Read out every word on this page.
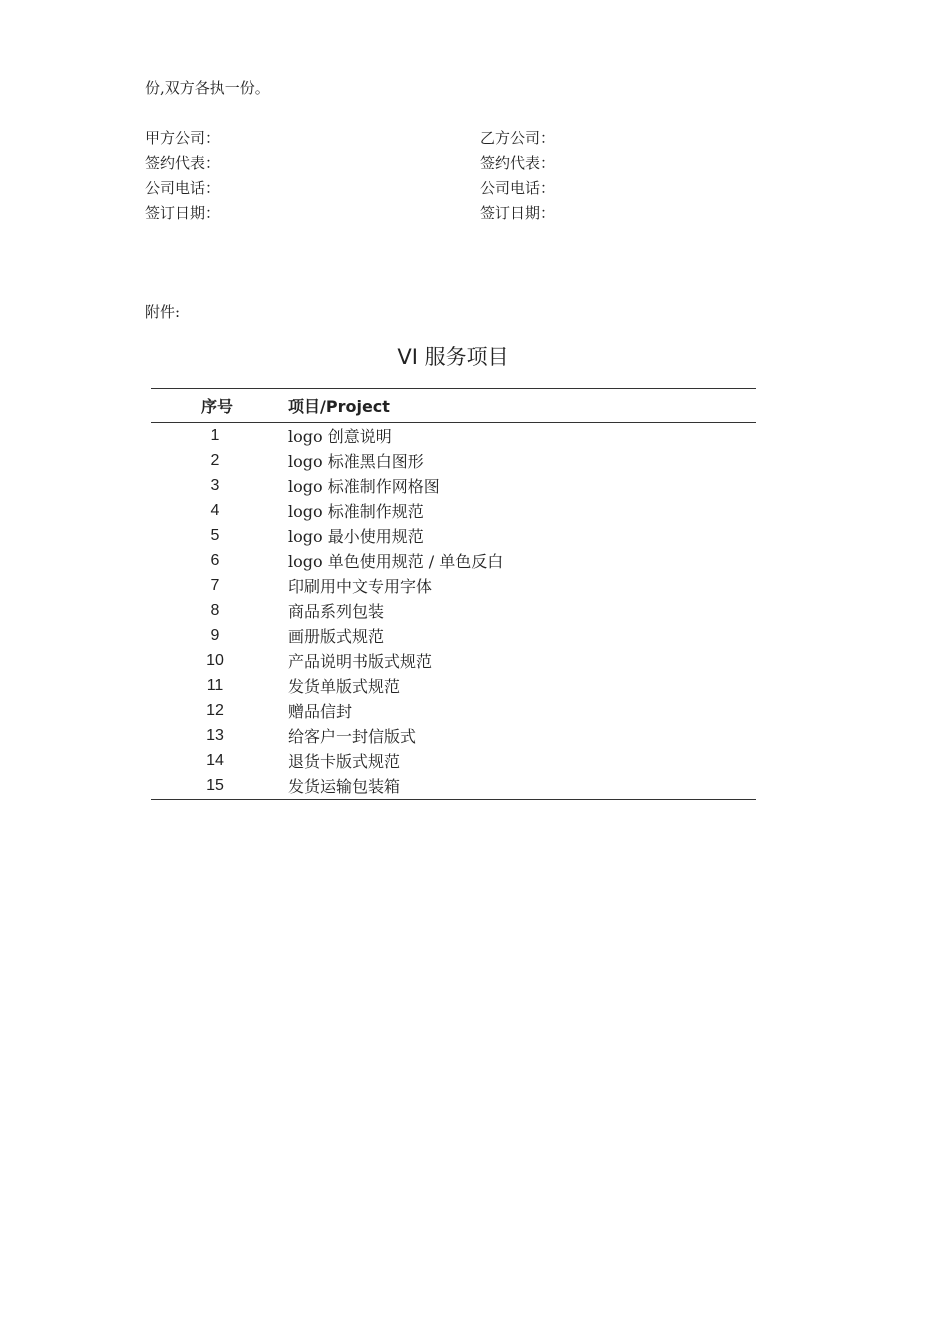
份,双方各执一份。
甲方公司：
签约代表：
公司电话：
签订日期：
乙方公司：
签约代表：
公司电话：
签订日期：
附件:
VI 服务项目
序号	项目/Project
1	logo 创意说明
2	logo 标准黑白图形
3	logo 标准制作网格图
4	logo 标准制作规范
5	logo 最小使用规范
6	logo 单色使用规范 / 单色反白
7	印刷用中文专用字体
8	商品系列包装
9	画册版式规范
10	产品说明书版式规范
11	发货单版式规范
12	赠品信封
13	给客户一封信版式
14	退货卡版式规范
15	发货运输包装箱
